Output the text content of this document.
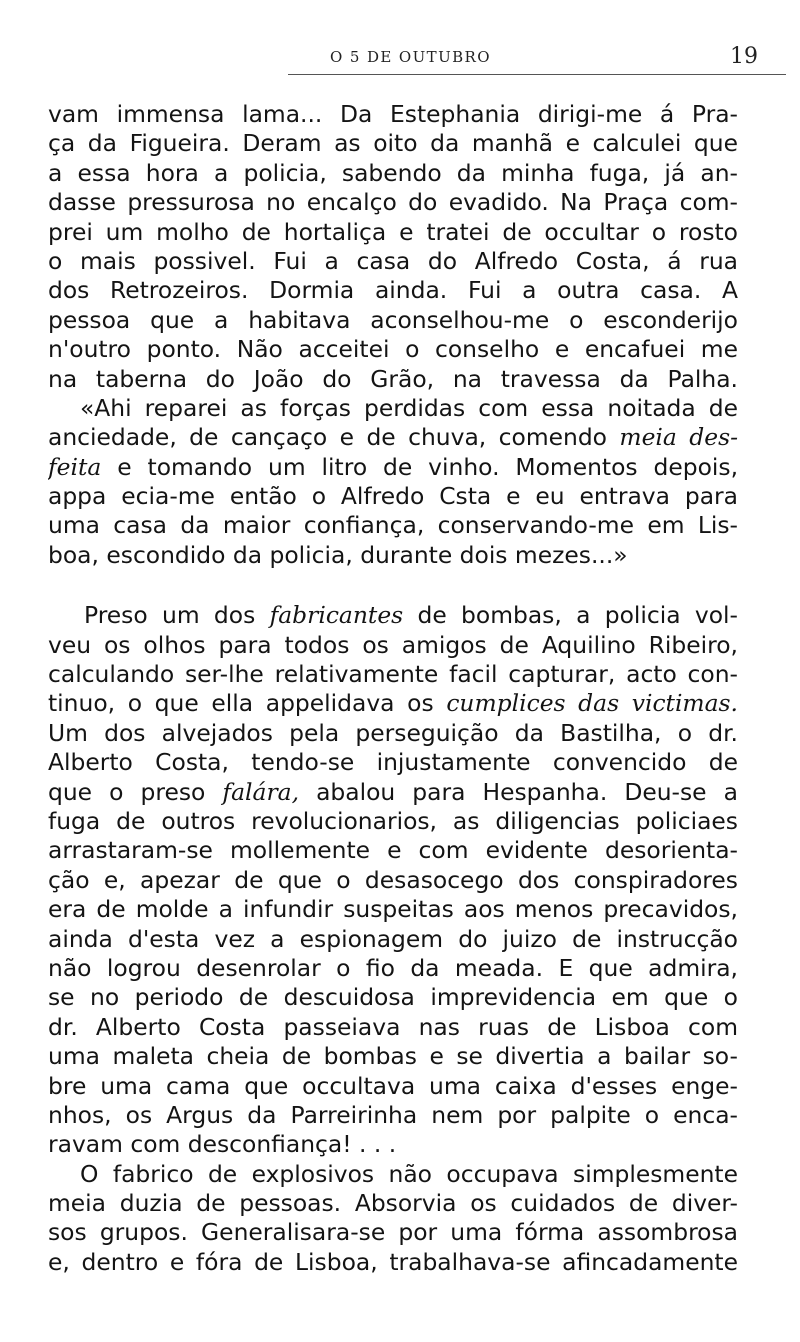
O 5 DE OUTUBRO	19
vam immensa lama... Da Estephania dirigi-me á Pra-
ça da Figueira. Deram as oito da manhã e calculei que
a essa hora a policia, sabendo da minha fuga, já an-
dasse pressurosa no encalço do evadido. Na Praça com-
prei um molho de hortaliça e tratei de occultar o rosto
o mais possivel. Fui a casa do Alfredo Costa, á rua
dos Retrozeiros. Dormia ainda. Fui a outra casa. A
pessoa que a habitava aconselhou-me o esconderijo
n'outro ponto. Não acceitei o conselho e encafuei me
na taberna do João do Grão, na travessa da Palha.
«Ahi reparei as forças perdidas com essa noitada de
anciedade, de cançaço e de chuva, comendo meia des-
feita e tomando um litro de vinho. Momentos depois,
appa ecia-me então o Alfredo Csta e eu entrava para
uma casa da maior confiança, conservando-me em Lis-
boa, escondido da policia, durante dois mezes...»
Preso um dos fabricantes de bombas, a policia vol-
veu os olhos para todos os amigos de Aquilino Ribeiro,
calculando ser-lhe relativamente facil capturar, acto con-
tinuo, o que ella appelidava os cumplices das victimas.
Um dos alvejados pela perseguição da Bastilha, o dr.
Alberto Costa, tendo-se injustamente convencido de
que o preso falára, abalou para Hespanha. Deu-se a
fuga de outros revolucionarios, as diligencias policiaes
arrastaram-se mollemente e com evidente desorienta-
ção e, apezar de que o desasocego dos conspiradores
era de molde a infundir suspeitas aos menos precavidos,
ainda d'esta vez a espionagem do juizo de instrucção
não logrou desenrolar o fio da meada. E que admira,
se no periodo de descuidosa imprevidencia em que o
dr. Alberto Costa passeiava nas ruas de Lisboa com
uma maleta cheia de bombas e se divertia a bailar so-
bre uma cama que occultava uma caixa d'esses enge-
nhos, os Argus da Parreirinha nem por palpite o enca-
ravam com desconfiança! . . .
O fabrico de explosivos não occupava simplesmente
meia duzia de pessoas. Absorvia os cuidados de diver-
sos grupos. Generalisara-se por uma fórma assombrosa
e, dentro e fóra de Lisboa, trabalhava-se afincadamente
